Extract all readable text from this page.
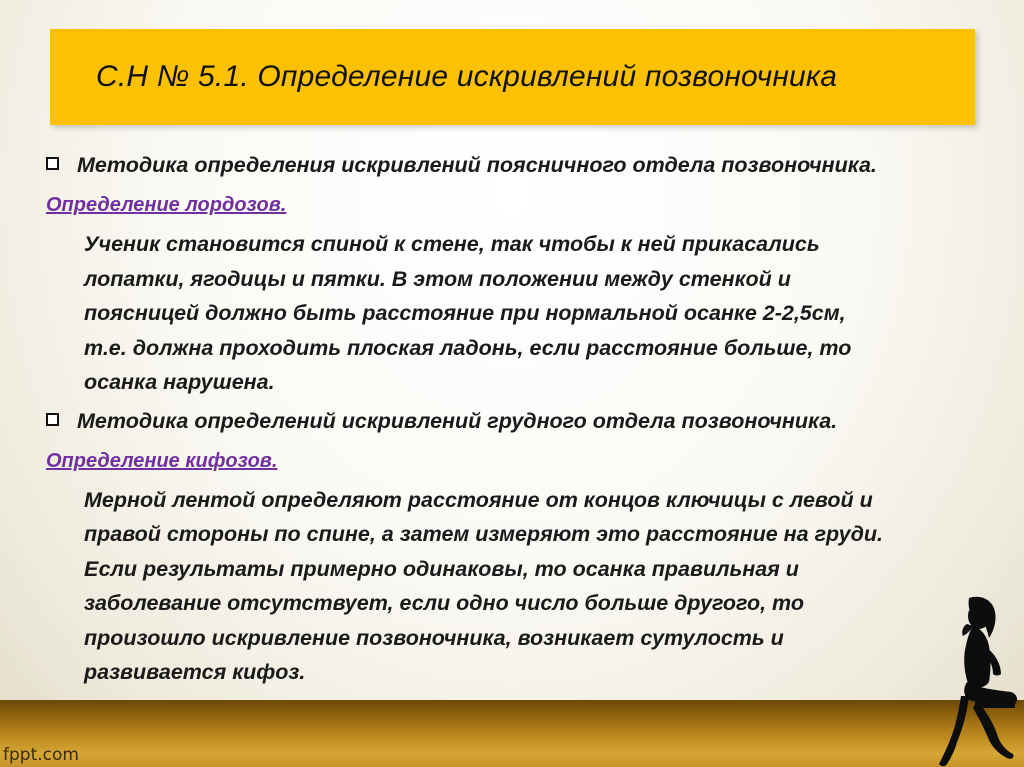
С.Н № 5.1. Определение искривлений позвоночника
Методика определения искривлений поясничного отдела позвоночника.
Определение лордозов.

Ученик становится спиной к стене, так чтобы к ней прикасались

лопатки, ягодицы и пятки. В этом положении между стенкой и

поясницей должно быть расстояние при нормальной осанке 2-2,5см,

т.е. должна проходить плоская ладонь, если расстояние больше, то

осанка нарушена.

Методика определений искривлений грудного отдела позвоночника.
Определение кифозов.

Мерной лентой определяют расстояние от концов ключицы с левой и

правой стороны по спине, а затем измеряют это расстояние на груди.

Если результаты примерно одинаковы, то осанка правильная и

заболевание отсутствует, если одно число больше другого, то

произошло искривление позвоночника, возникает сутулость и

развивается кифоз.

fppt.com
